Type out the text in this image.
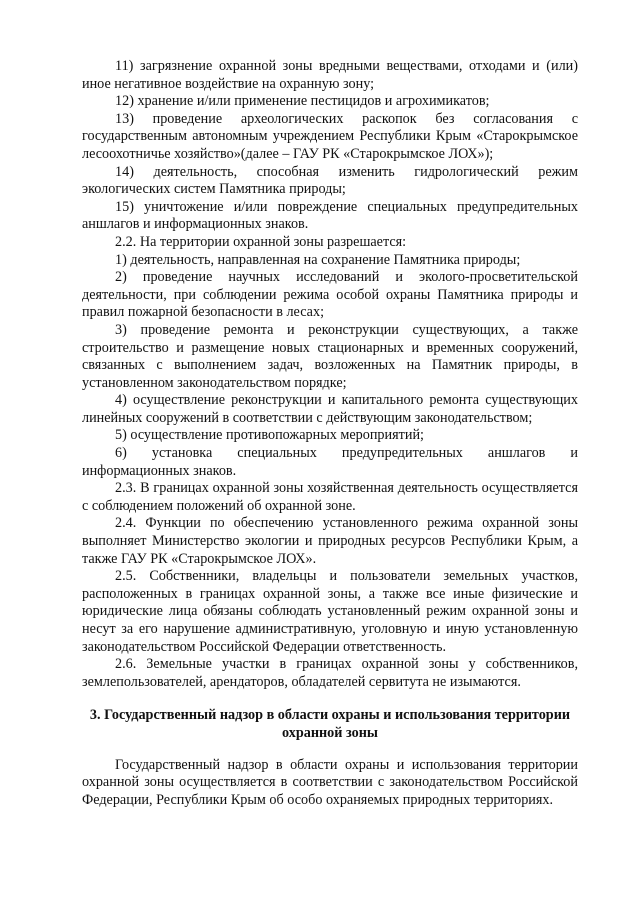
11) загрязнение охранной зоны вредными веществами, отходами и (или) иное негативное воздействие на охранную зону;

12) хранение и/или применение пестицидов и агрохимикатов;

13) проведение археологических раскопок без согласования с государственным автономным учреждением Республики Крым «Старокрымское лесоохотничье хозяйство»(далее – ГАУ РК «Старокрымское ЛОХ»);

14) деятельность, способная изменить гидрологический режим экологических систем Памятника природы;

15) уничтожение и/или повреждение специальных предупредительных аншлагов и информационных знаков.

2.2. На территории охранной зоны разрешается:

1) деятельность, направленная на сохранение Памятника природы;

2) проведение научных исследований и эколого-просветительской деятельности, при соблюдении режима особой охраны Памятника природы и правил пожарной безопасности в лесах;

3) проведение ремонта и реконструкции существующих, а также строительство и размещение новых стационарных и временных сооружений, связанных с выполнением задач, возложенных на Памятник природы, в установленном законодательством порядке;

4) осуществление реконструкции и капитального ремонта существующих линейных сооружений в соответствии с действующим законодательством;

5) осуществление противопожарных мероприятий;

6) установка специальных предупредительных аншлагов и информационных знаков.

2.3. В границах охранной зоны хозяйственная деятельность осуществляется с соблюдением положений об охранной зоне.

2.4. Функции по обеспечению установленного режима охранной зоны выполняет Министерство экологии и природных ресурсов Республики Крым, а также ГАУ РК «Старокрымское ЛОХ».

2.5. Собственники, владельцы и пользователи земельных участков, расположенных в границах охранной зоны, а также все иные физические и юридические лица обязаны соблюдать установленный режим охранной зоны и несут за его нарушение административную, уголовную и иную установленную законодательством Российской Федерации ответственность.

2.6. Земельные участки в границах охранной зоны у собственников, землепользователей, арендаторов, обладателей сервитута не изымаются.

3. Государственный надзор в области охраны и использования территории охранной зоны

Государственный надзор в области охраны и использования территории охранной зоны осуществляется в соответствии с законодательством Российской Федерации, Республики Крым об особо охраняемых природных территориях.
